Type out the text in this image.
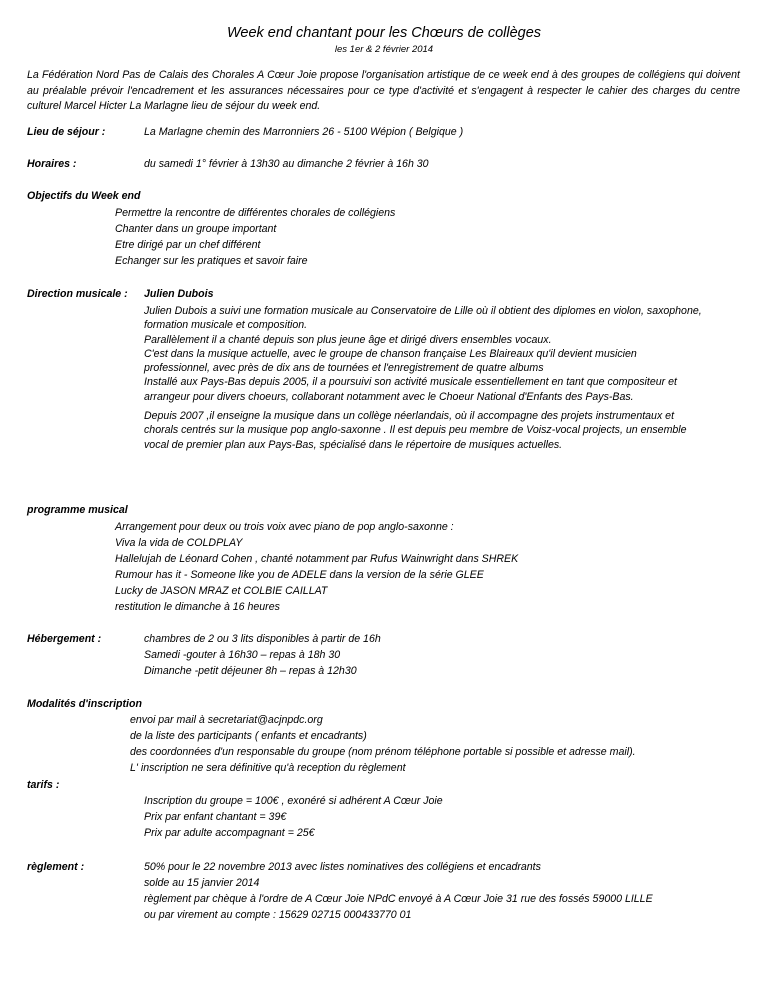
Week end chantant pour les Chœurs de collèges

les 1er & 2 février 2014

La Fédération Nord Pas de Calais des Chorales A Cœur Joie propose l'organisation artistique de ce week end à des groupes de collégiens qui doivent au préalable prévoir l'encadrement et les assurances nécessaires pour ce type d'activité et s'engagent à respecter le cahier des charges du centre culturel Marcel Hicter La Marlagne lieu de séjour du week end.

Lieu de séjour :	La Marlagne chemin des Marronniers 26 - 5100 Wépion ( Belgique )

Horaires :	du samedi 1° février à 13h30 au dimanche 2 février à 16h 30

Objectifs du Week end

Permettre la rencontre de différentes chorales de collégiens

Chanter dans un groupe important

Etre dirigé par un chef différent

Echanger sur les pratiques et savoir faire

Direction musicale : Julien Dubois

Julien Dubois a suivi une formation musicale au Conservatoire de Lille où il obtient des diplomes en violon, saxophone, formation musicale et composition.

Parallèlement il a chanté depuis son plus jeune âge et dirigé divers ensembles vocaux.

C'est dans la musique actuelle, avec le groupe de chanson française Les Blaireaux qu'il devient musicien professionnel, avec près de dix ans de tournées et l'enregistrement de quatre albums

Installé aux Pays-Bas depuis 2005, il a poursuivi son activité musicale essentiellement en tant que compositeur et arrangeur pour divers choeurs, collaborant notamment avec le Choeur National d'Enfants des Pays-Bas.

Depuis 2007 ,il enseigne la musique dans un collège néerlandais, où il accompagne des projets instrumentaux et chorals centrés sur la musique pop anglo-saxonne . Il est depuis peu membre de Voisz-vocal projects, un ensemble vocal de premier plan aux Pays-Bas, spécialisé dans le répertoire de musiques actuelles.

programme musical

Arrangement pour deux ou trois voix avec piano de pop anglo-saxonne :

Viva la vida de COLDPLAY

Hallelujah de Léonard Cohen , chanté notamment par Rufus Wainwright dans SHREK

Rumour has it - Someone like you de ADELE dans la version de la série GLEE

Lucky de JASON MRAZ et COLBIE CAILLAT

restitution le dimanche à 16 heures

Hébergement :	chambres de 2 ou 3 lits disponibles à partir de 16h

Samedi -gouter à 16h30 – repas à 18h 30

Dimanche -petit déjeuner 8h – repas à 12h30

Modalités d'inscription

envoi par mail à secretariat@acjnpdc.org

de la liste des participants ( enfants et encadrants)

des coordonnées d'un responsable du groupe (nom prénom téléphone portable si possible et adresse mail).

L' inscription ne sera définitive qu'à reception du règlement

tarifs :

Inscription du groupe = 100€ , exonéré si adhérent A Cœur Joie

Prix par enfant chantant = 39€

Prix par adulte accompagnant = 25€

règlement :	50% pour le 22 novembre 2013 avec listes nominatives des collégiens et encadrants

solde au 15 janvier 2014

règlement par chèque à l'ordre de A Cœur Joie NPdC envoyé à A Cœur Joie 31 rue des fossés 59000 LILLE

ou par virement au compte : 15629 02715 000433770 01
